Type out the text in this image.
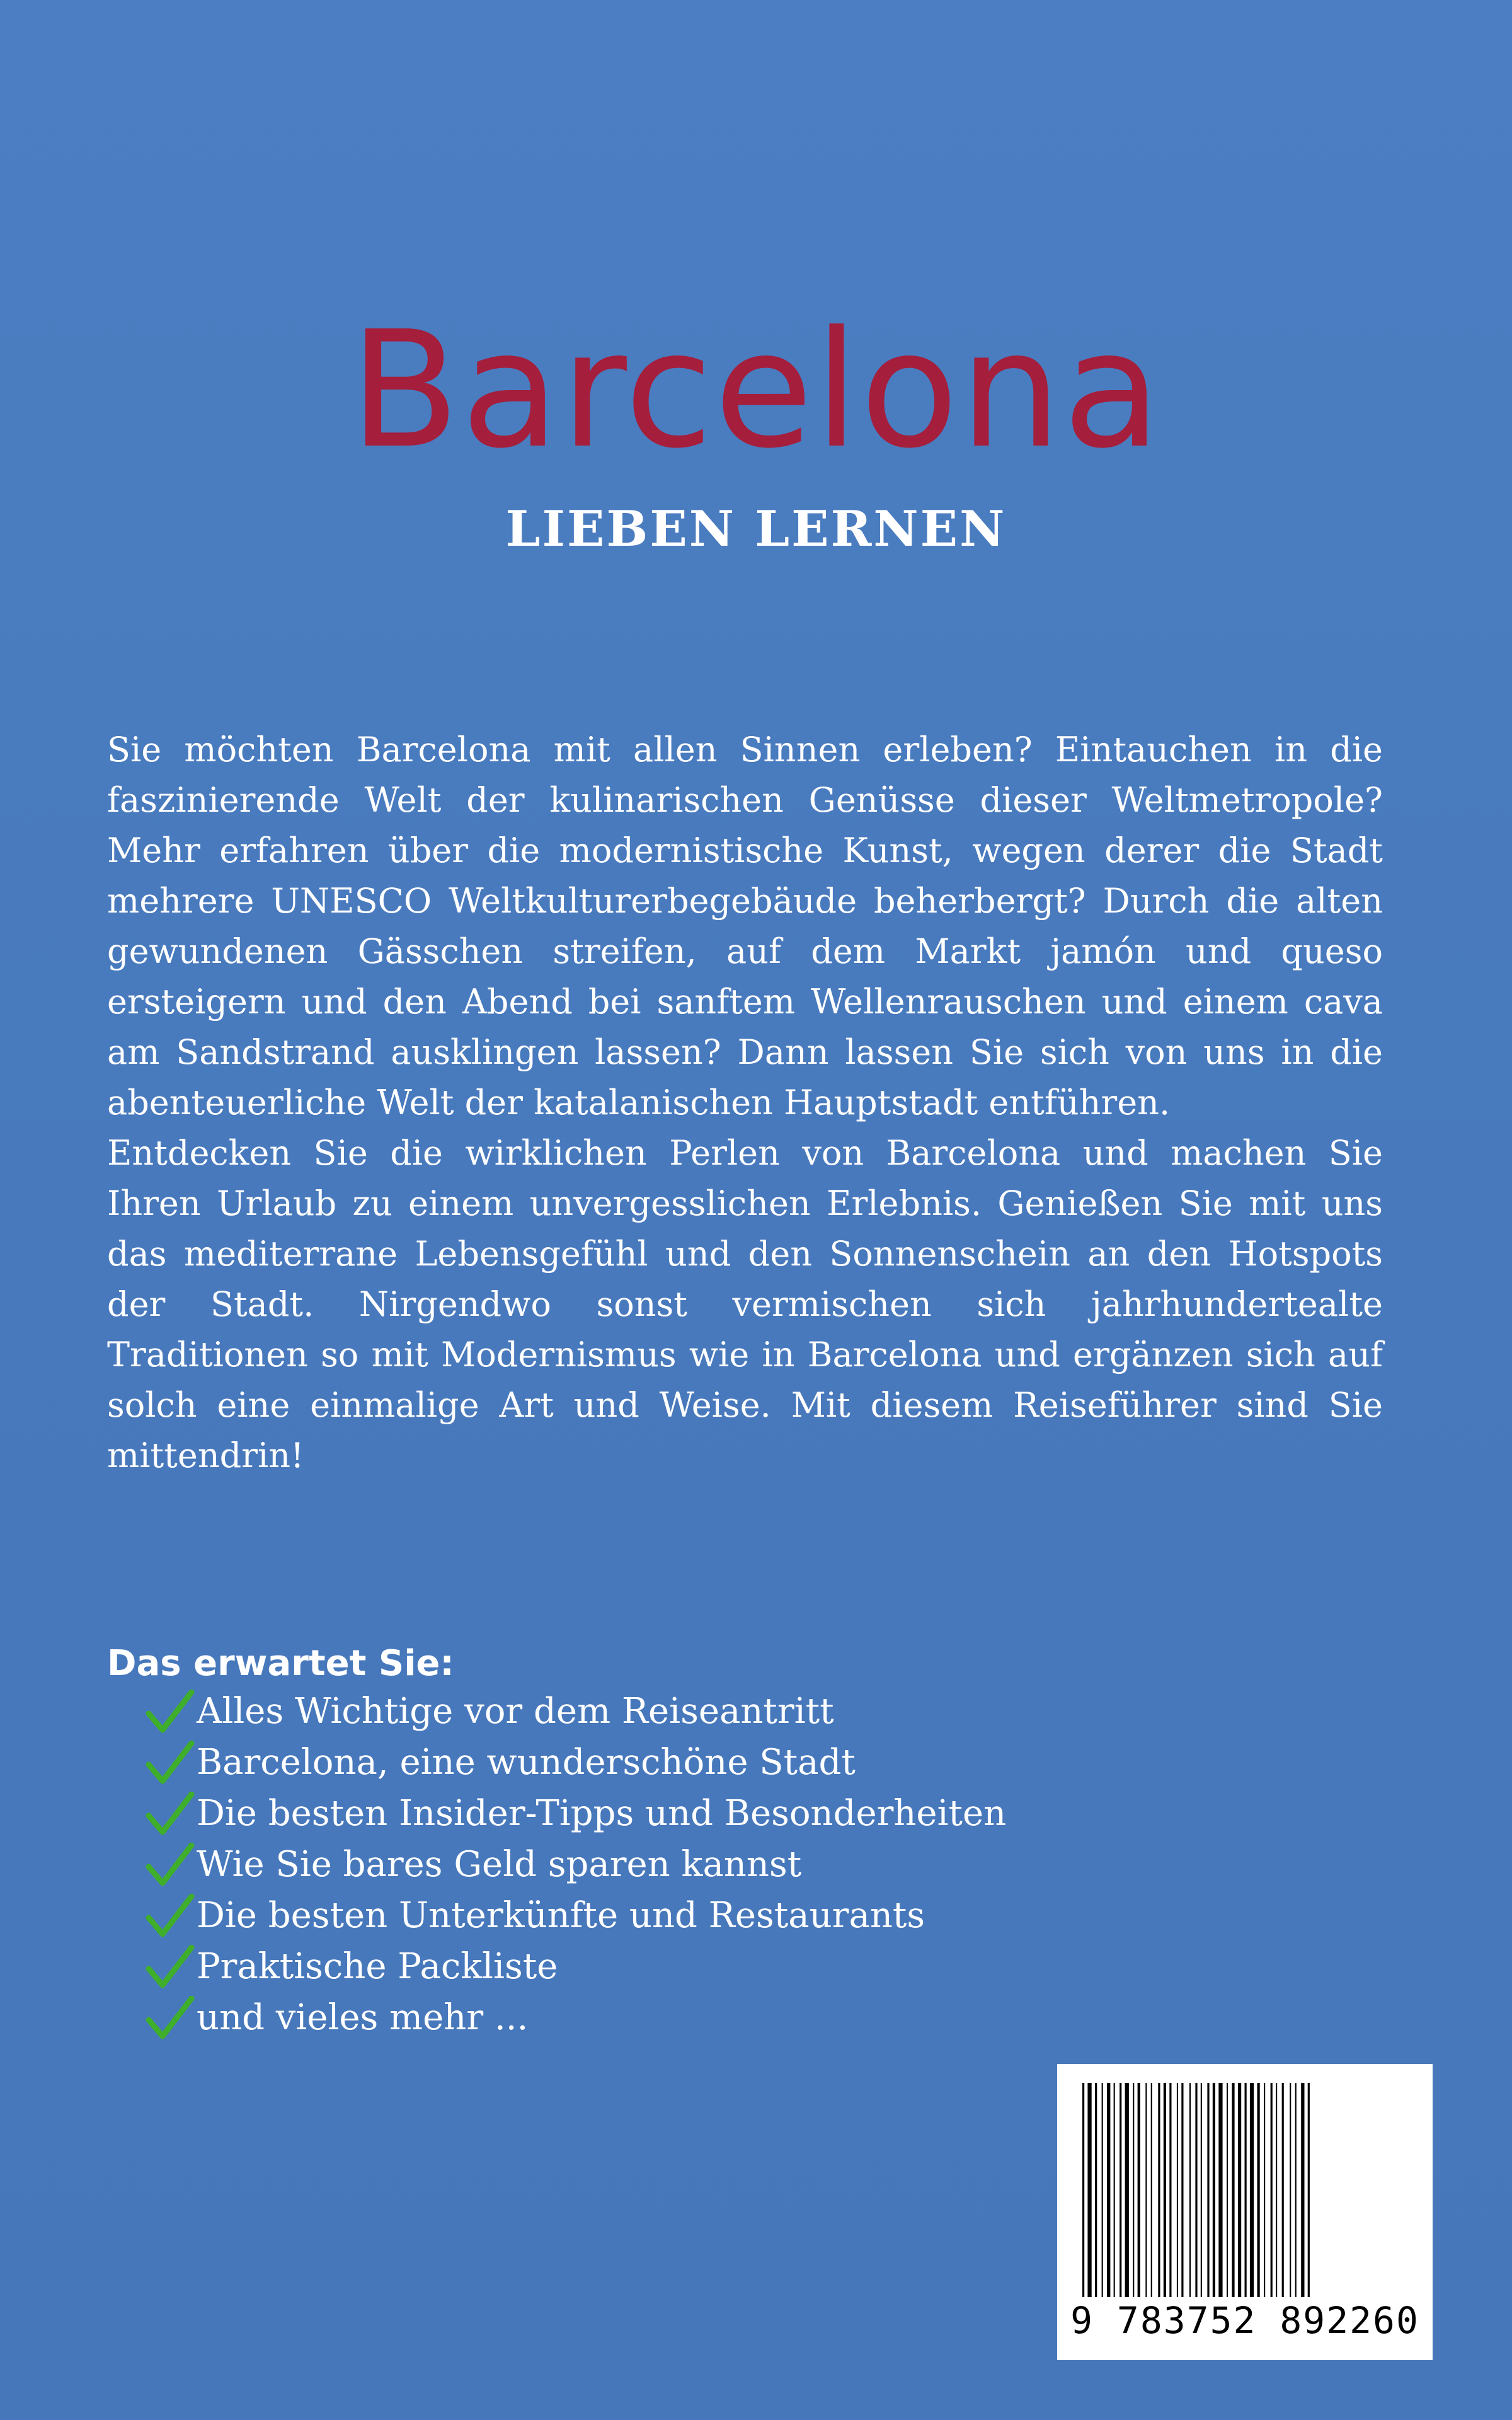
Barcelona
LIEBEN LERNEN

Sie möchten Barcelona mit allen Sinnen erleben? Eintauchen in die faszinierende Welt der kulinarischen Genüsse dieser Weltmetropole? Mehr erfahren über die modernistische Kunst, wegen derer die Stadt mehrere UNESCO Weltkulturerbegebäude beherbergt? Durch die alten gewundenen Gässchen streifen, auf dem Markt jamón und queso ersteigern und den Abend bei sanftem Wellenrauschen und einem cava am Sandstrand ausklingen lassen? Dann lassen Sie sich von uns in die abenteuerliche Welt der katalanischen Hauptstadt entführen.

Entdecken Sie die wirklichen Perlen von Barcelona und machen Sie Ihren Urlaub zu einem unvergesslichen Erlebnis. Genießen Sie mit uns das mediterrane Lebensgefühl und den Sonnenschein an den Hotspots der Stadt. Nirgendwo sonst vermischen sich jahrhundertealte Traditionen so mit Modernismus wie in Barcelona und ergänzen sich auf solch eine einmalige Art und Weise. Mit diesem Reiseführer sind Sie mittendrin!

Das erwartet Sie:
Alles Wichtige vor dem Reiseantritt
Barcelona, eine wunderschöne Stadt
Die besten Insider-Tipps und Besonderheiten
Wie Sie bares Geld sparen kannst
Die besten Unterkünfte und Restaurants
Praktische Packliste
und vieles mehr ...
9 783752 892260
